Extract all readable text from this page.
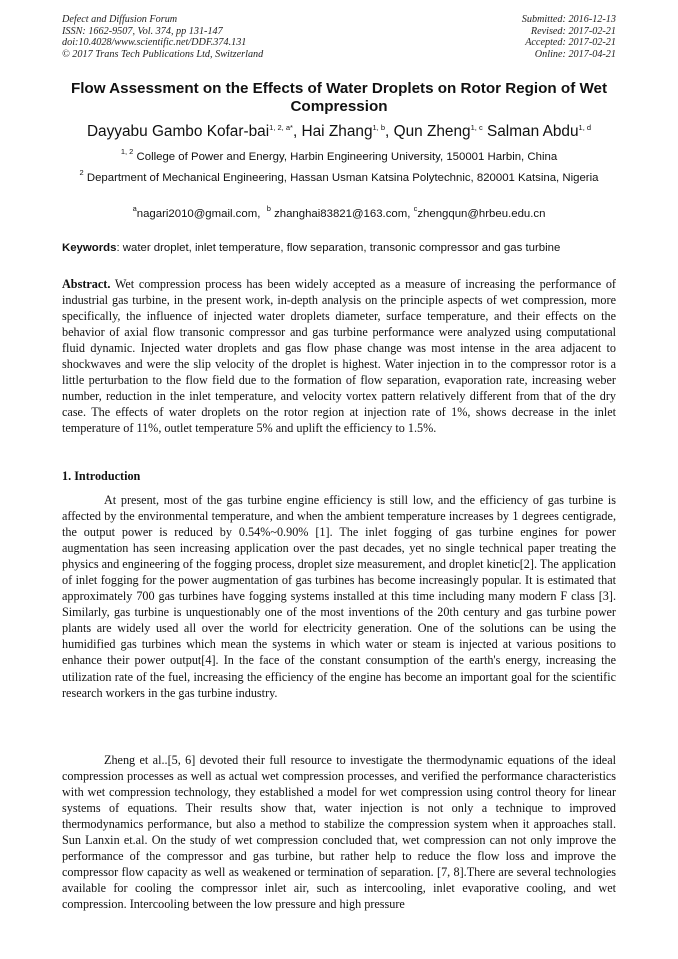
Defect and Diffusion Forum
ISSN: 1662-9507, Vol. 374, pp 131-147
doi:10.4028/www.scientific.net/DDF.374.131
© 2017 Trans Tech Publications Ltd, Switzerland
Submitted: 2016-12-13
Revised: 2017-02-21
Accepted: 2017-02-21
Online: 2017-04-21
Flow Assessment on the Effects of Water Droplets on Rotor Region of Wet Compression
Dayyabu Gambo Kofar-bai$^{1, 2, a*}$, Hai Zhang$^{1, b}$, Qun Zheng$^{1, c}$ Salman Abdu$^{1, d}$
$^{1, 2}$ College of Power and Energy, Harbin Engineering University, 150001 Harbin, China
$^2$ Department of Mechanical Engineering, Hassan Usman Katsina Polytechnic, 820001 Katsina, Nigeria
$^a$nagari2010@gmail.com,  $^b$ zhanghai83821@163.com, $^c$zhengqun@hrbeu.edu.cn
Keywords: water droplet, inlet temperature, flow separation, transonic compressor and gas turbine
Abstract. Wet compression process has been widely accepted as a measure of increasing the performance of industrial gas turbine, in the present work, in-depth analysis on the principle aspects of wet compression, more specifically, the influence of injected water droplets diameter, surface temperature, and their effects on the behavior of axial flow transonic compressor and gas turbine performance were analyzed using computational fluid dynamic. Injected water droplets and gas flow phase change was most intense in the area adjacent to shockwaves and were the slip velocity of the droplet is highest. Water injection in to the compressor rotor is a little perturbation to the flow field due to the formation of flow separation, evaporation rate, increasing weber number, reduction in the inlet temperature, and velocity vortex pattern relatively different from that of the dry case. The effects of water droplets on the rotor region at injection rate of 1%, shows decrease in the inlet temperature of 11%, outlet temperature 5% and uplift the efficiency to 1.5%.
1. Introduction
At present, most of the gas turbine engine efficiency is still low, and the efficiency of gas turbine is affected by the environmental temperature, and when the ambient temperature increases by 1 degrees centigrade, the output power is reduced by 0.54%~0.90% [1]. The inlet fogging of gas turbine engines for power augmentation has seen increasing application over the past decades, yet no single technical paper treating the physics and engineering of the fogging process, droplet size measurement, and droplet kinetic[2]. The application of inlet fogging for the power augmentation of gas turbines has become increasingly popular. It is estimated that approximately 700 gas turbines have fogging systems installed at this time including many modern F class [3]. Similarly, gas turbine is unquestionably one of the most inventions of the 20th century and gas turbine power plants are widely used all over the world for electricity generation. One of the solutions can be using the humidified gas turbines which mean the systems in which water or steam is injected at various positions to enhance their power output[4]. In the face of the constant consumption of the earth's energy, increasing the utilization rate of the fuel, increasing the efficiency of the engine has become an important goal for the scientific research workers in the gas turbine industry.
Zheng et al..[5, 6] devoted their full resource to investigate the thermodynamic equations of the ideal compression processes as well as actual wet compression processes, and verified the performance characteristics with wet compression technology, they established a model for wet compression using control theory for linear systems of equations. Their results show that, water injection is not only a technique to improved thermodynamics performance, but also a method to stabilize the compression system when it approaches stall. Sun Lanxin et.al. On the study of wet compression concluded that, wet compression can not only improve the performance of the compressor and gas turbine, but rather help to reduce the flow loss and improve the compressor flow capacity as well as weakened or termination of separation. [7, 8].There are several technologies available for cooling the compressor inlet air, such as intercooling, inlet evaporative cooling, and wet compression. Intercooling between the low pressure and high pressure
